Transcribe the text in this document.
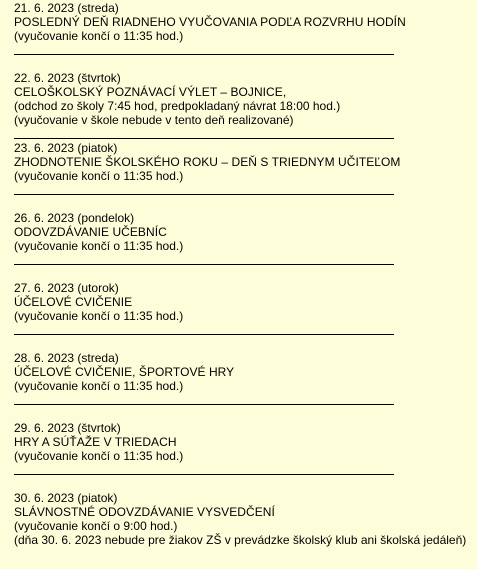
21. 6. 2023 (streda)
POSLEDNÝ DEŇ RIADNEHO VYUČOVANIA PODĽA ROZVRHU HODÍN
(vyučovanie končí o 11:35 hod.)
22. 6. 2023 (štvrtok)
CELOŠKOLSKÝ POZNÁVACÍ VÝLET – BOJNICE,
(odchod zo školy 7:45 hod, predpokladaný návrat 18:00 hod.)
(vyučovanie v škole nebude v tento deň realizované)
23. 6. 2023 (piatok)
ZHODNOTENIE ŠKOLSKÉHO ROKU – DEŇ S TRIEDNYM UČITEĽOM
(vyučovanie končí o 11:35 hod.)
26. 6. 2023 (pondelok)
ODOVZDÁVANIE UČEBNÍC
(vyučovanie končí o 11:35 hod.)
27. 6. 2023 (utorok)
ÚČELOVÉ CVIČENIE
(vyučovanie končí o 11:35 hod.)
28. 6. 2023 (streda)
ÚČELOVÉ CVIČENIE, ŠPORTOVÉ HRY
(vyučovanie končí o 11:35 hod.)
29. 6. 2023 (štvrtok)
HRY A SÚŤAŽE V TRIEDACH
(vyučovanie končí o 11:35 hod.)
30. 6. 2023 (piatok)
SLÁVNOSTNÉ ODOVZDÁVANIE VYSVEDČENÍ
(vyučovanie končí o 9:00 hod.)
(dňa 30. 6. 2023 nebude pre žiakov ZŠ v prevádzke školský klub ani školská jedáleň)
